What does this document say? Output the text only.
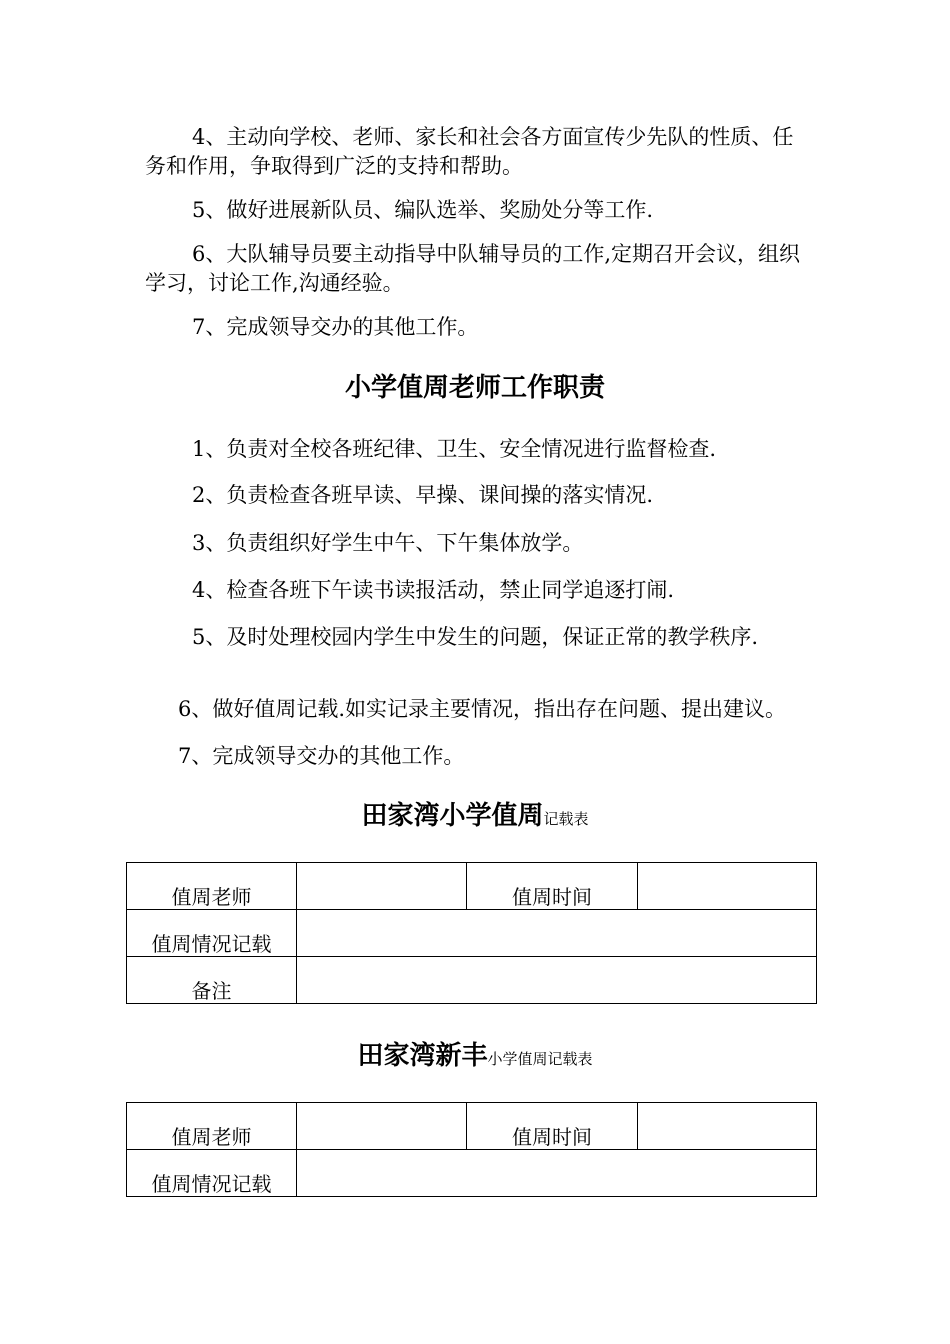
4、主动向学校、老师、家长和社会各方面宣传少先队的性质、任务和作用，争取得到广泛的支持和帮助。

5、做好进展新队员、编队选举、奖励处分等工作.

6、大队辅导员要主动指导中队辅导员的工作,定期召开会议，组织学习，讨论工作,沟通经验。

7、完成领导交办的其他工作。

小学值周老师工作职责

1、负责对全校各班纪律、卫生、安全情况进行监督检查.

2、负责检查各班早读、早操、课间操的落实情况.

3、负责组织好学生中午、下午集体放学。

4、检查各班下午读书读报活动，禁止同学追逐打闹.

5、及时处理校园内学生中发生的问题，保证正常的教学秩序.

6、做好值周记载.如实记录主要情况，指出存在问题、提出建议。

7、完成领导交办的其他工作。

田家湾小学值周记载表
值周老师		值周时间	
值周情况记载			
备注			
田家湾新丰小学值周记载表
值周老师		值周时间	
值周情况记载			
